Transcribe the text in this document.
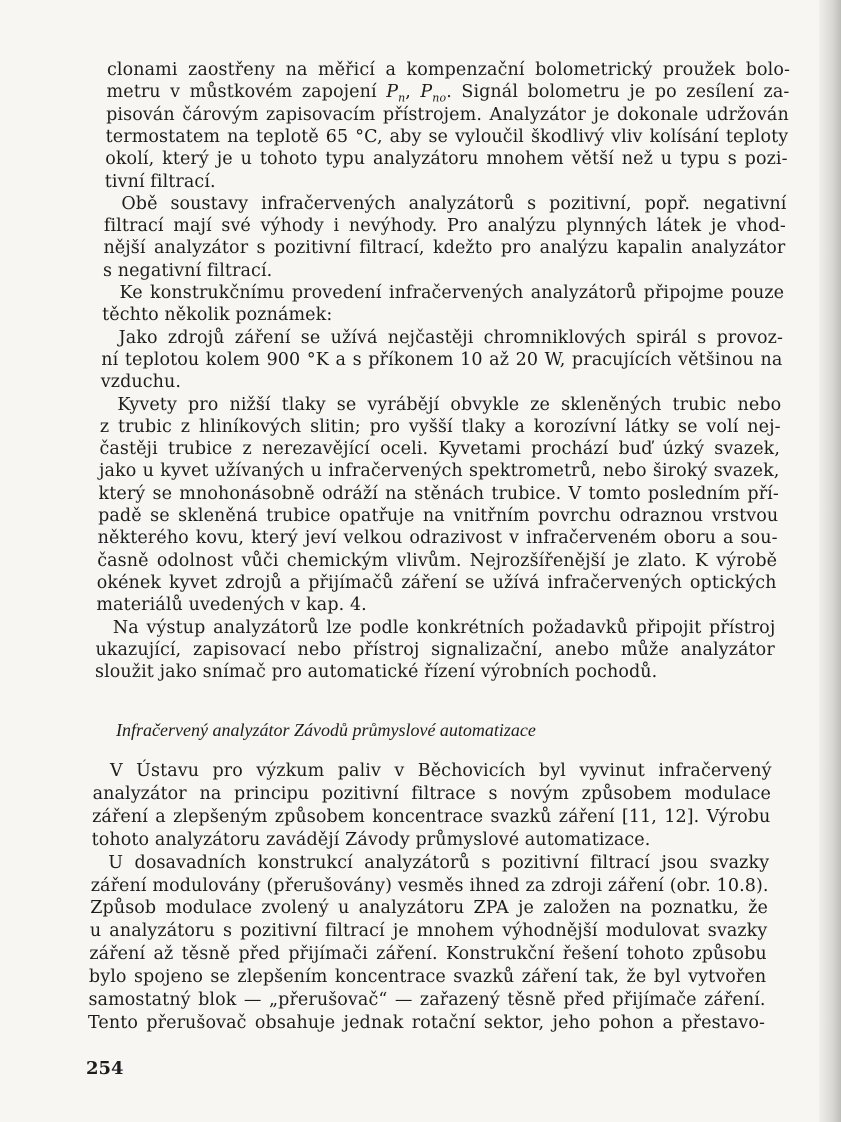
clonami zaostřeny na měřicí a kompenzační bolometrický proužek bolo-
metru v můstkovém zapojení $P_n$, $P_{no}$. Signál bolometru je po zesílení za-
pisován čárovým zapisovacím přístrojem. Analyzátor je dokonale udržován
termostatem na teplotě 65 °C, aby se vyloučil škodlivý vliv kolísání teploty
okolí, který je u tohoto typu analyzátoru mnohem větší než u typu s pozi-
tivní filtrací.
Obě soustavy infračervených analyzátorů s pozitivní, popř. negativní
filtrací mají své výhody i nevýhody. Pro analýzu plynných látek je vhod-
nější analyzátor s pozitivní filtrací, kdežto pro analýzu kapalin analyzátor
s negativní filtrací.
Ke konstrukčnímu provedení infračervených analyzátorů připojme pouze
těchto několik poznámek:
Jako zdrojů záření se užívá nejčastěji chromniklových spirál s provoz-
ní teplotou kolem 900 °K a s příkonem 10 až 20 W, pracujících většinou na
vzduchu.
Kyvety pro nižší tlaky se vyrábějí obvykle ze skleněných trubic nebo
z trubic z hliníkových slitin; pro vyšší tlaky a korozívní látky se volí nej-
častěji trubice z nerezavějící oceli. Kyvetami prochází buď úzký svazek,
jako u kyvet užívaných u infračervených spektrometrů, nebo široký svazek,
který se mnohonásobně odráží na stěnách trubice. V tomto posledním pří-
padě se skleněná trubice opatřuje na vnitřním povrchu odraznou vrstvou
některého kovu, který jeví velkou odrazivost v infračerveném oboru a sou-
časně odolnost vůči chemickým vlivům. Nejrozšířenější je zlato. K výrobě
okének kyvet zdrojů a přijímačů záření se užívá infračervených optických
materiálů uvedených v kap. 4.
Na výstup analyzátorů lze podle konkrétních požadavků připojit přístroj
ukazující, zapisovací nebo přístroj signalizační, anebo může analyzátor
sloužit jako snímač pro automatické řízení výrobních pochodů.
V Ústavu pro výzkum paliv v Běchovicích byl vyvinut infračervený
analyzátor na principu pozitivní filtrace s novým způsobem modulace
záření a zlepšeným způsobem koncentrace svazků záření [11, 12]. Výrobu
tohoto analyzátoru zavádějí Závody průmyslové automatizace.
U dosavadních konstrukcí analyzátorů s pozitivní filtrací jsou svazky
záření modulovány (přerušovány) vesměs ihned za zdroji záření (obr. 10.8).
Způsob modulace zvolený u analyzátoru ZPA je založen na poznatku, že
u analyzátoru s pozitivní filtrací je mnohem výhodnější modulovat svazky
záření až těsně před přijímači záření. Konstrukční řešení tohoto způsobu
bylo spojeno se zlepšením koncentrace svazků záření tak, že byl vytvořen
samostatný blok — „přerušovač“ — zařazený těsně před přijímače záření.
Tento přerušovač obsahuje jednak rotační sektor, jeho pohon a přestavo-
Infračervený analyzátor Závodů průmyslové automatizace
254
